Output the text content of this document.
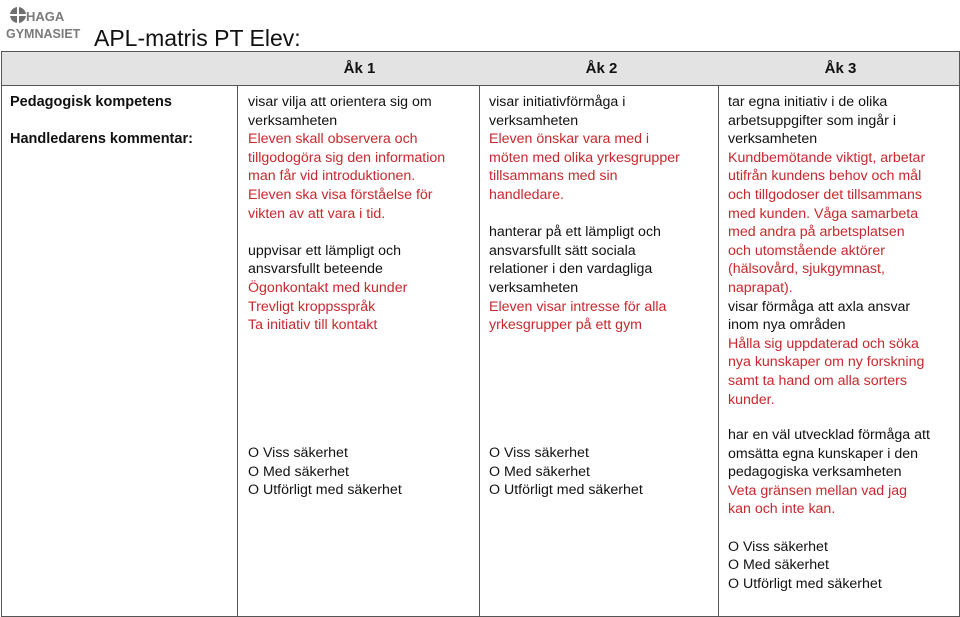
HAGA
GYMNASIET APL-matris PT Elev:
Åk 1	Åk 2	Åk 3

Pedagogisk kompetens

Handledarens kommentar:

visar vilja att orientera sig om

verksamheten

Eleven skall observera och

tillgodogöra sig den information

man får vid introduktionen.

Eleven ska visa förståelse för

vikten av att vara i tid.

uppvisar ett lämpligt och

ansvarsfullt beteende

Ögonkontakt med kunder

Trevligt kroppsspråk

Ta initiativ till kontakt

O Viss säkerhet

O Med säkerhet

O Utförligt med säkerhet

visar initiativförmåga i

verksamheten

Eleven önskar vara med i

möten med olika yrkesgrupper

tillsammans med sin

handledare.

hanterar på ett lämpligt och

ansvarsfullt sätt sociala

relationer i den vardagliga

verksamheten

Eleven visar intresse för alla

yrkesgrupper på ett gym

O Viss säkerhet

O Med säkerhet

O Utförligt med säkerhet

tar egna initiativ i de olika

arbetsuppgifter som ingår i

verksamheten

Kundbemötande viktigt, arbetar

utifrån kundens behov och mål

och tillgodoser det tillsammans

med kunden. Våga samarbeta

med andra på arbetsplatsen

och utomstående aktörer

(hälsovård, sjukgymnast,

naprapat).

visar förmåga att axla ansvar

inom nya områden

Hålla sig uppdaterad och söka

nya kunskaper om ny forskning

samt ta hand om alla sorters

kunder.

har en väl utvecklad förmåga att

omsätta egna kunskaper i den

pedagogiska verksamheten

Veta gränsen mellan vad jag

kan och inte kan.

O Viss säkerhet

O Med säkerhet

O Utförligt med säkerhet
